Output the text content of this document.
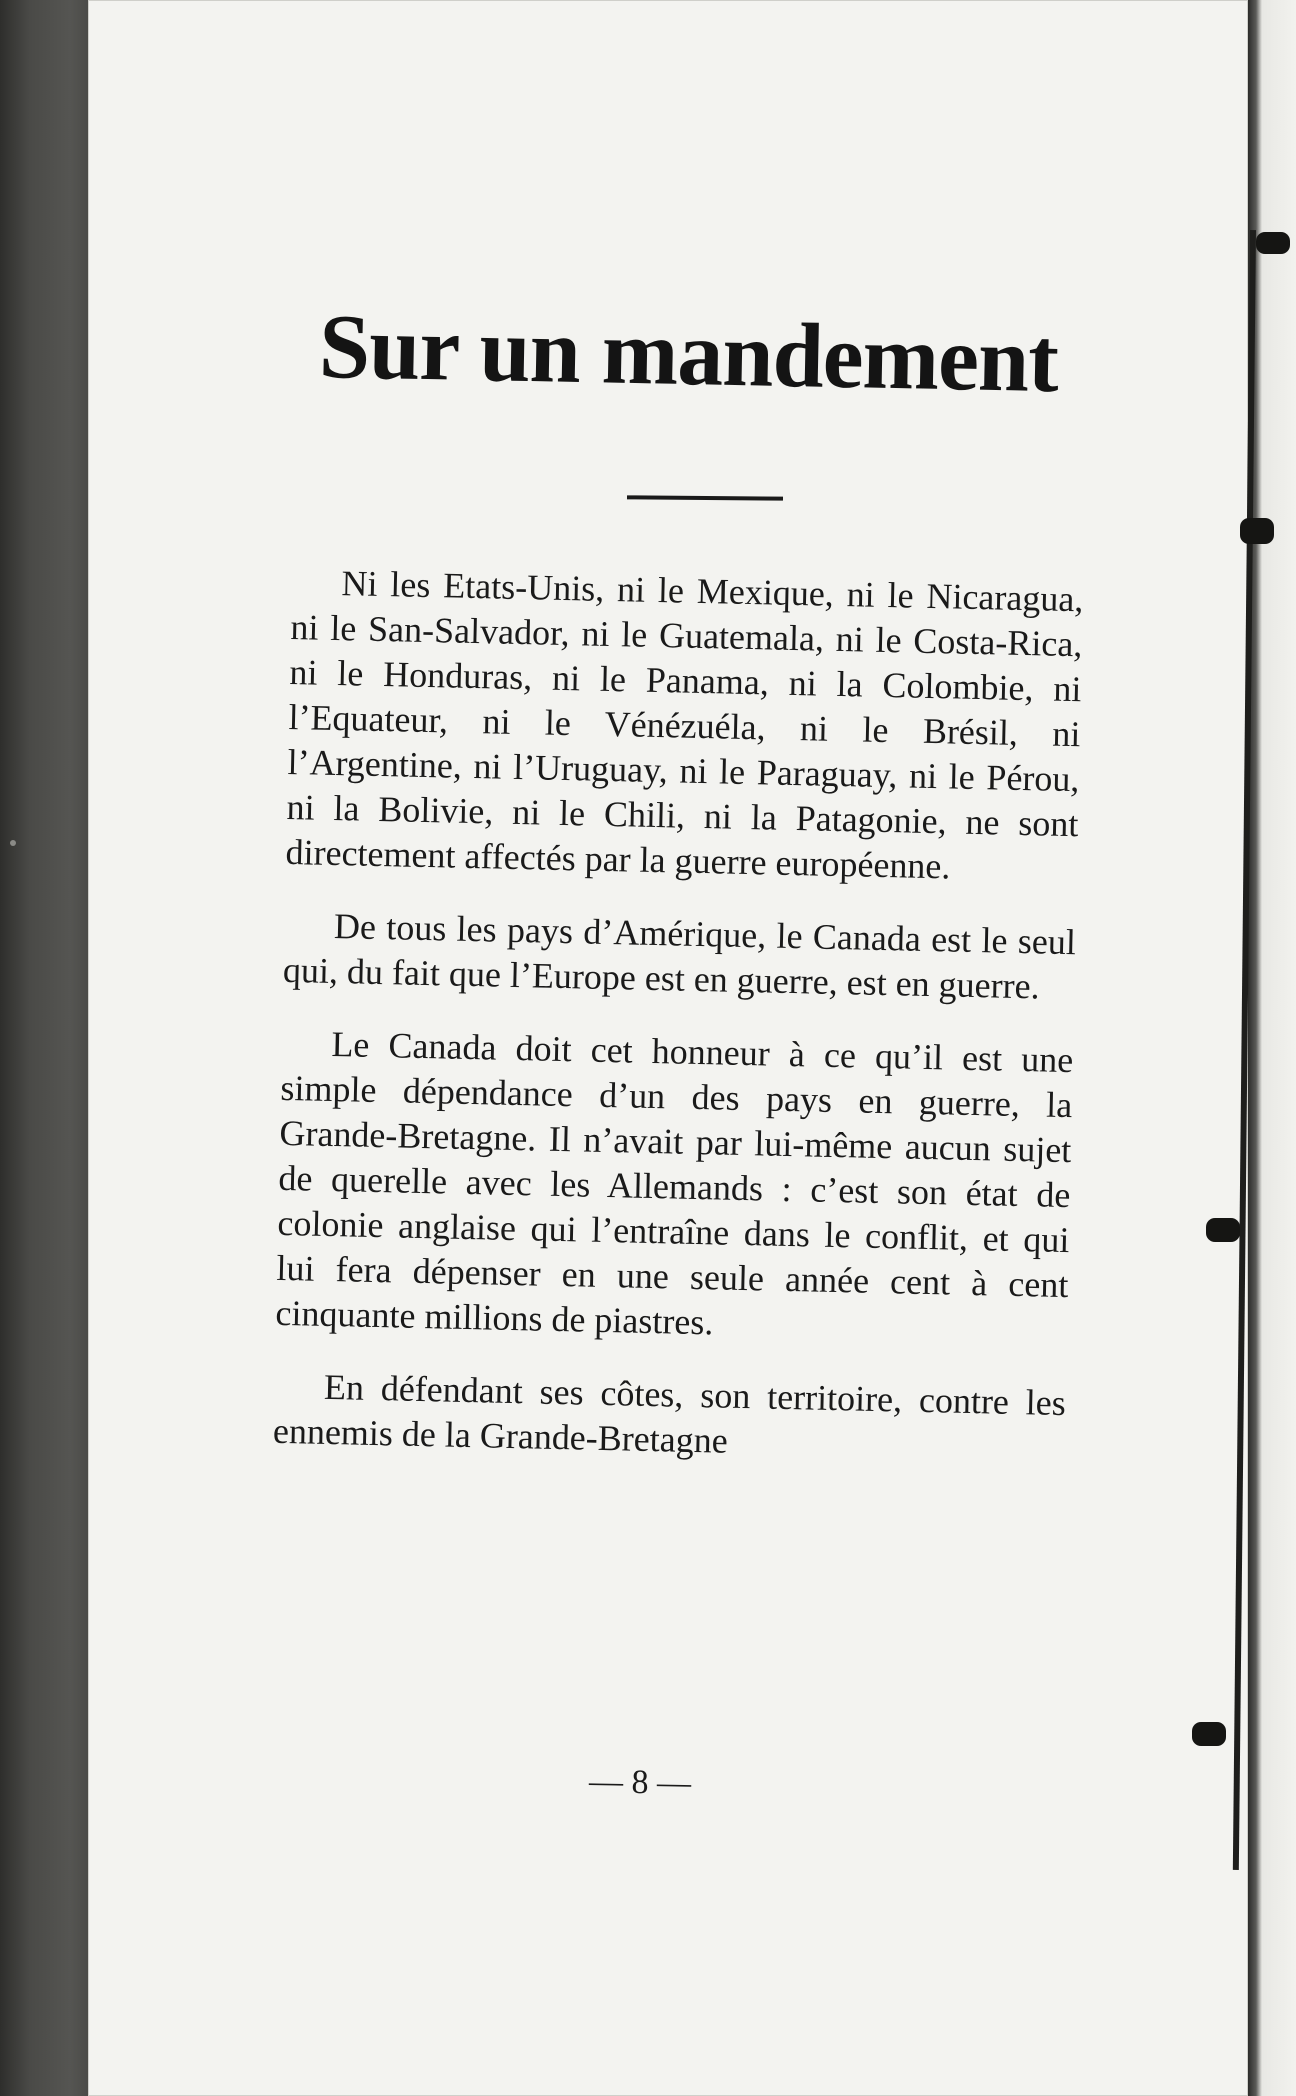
Sur un mandement

Ni les Etats-Unis, ni le Mexique, ni le Nicaragua, ni le San-Salvador, ni le Guatemala, ni le Costa-Rica, ni le Honduras, ni le Panama, ni la Colombie, ni l’Equateur, ni le Vénézuéla, ni le Brésil, ni l’Argentine, ni l’Uruguay, ni le Paraguay, ni le Pérou, ni la Bolivie, ni le Chili, ni la Patagonie, ne sont directement affectés par la guerre européenne.

De tous les pays d’Amérique, le Canada est le seul qui, du fait que l’Europe est en guerre, est en guerre.

Le Canada doit cet honneur à ce qu’il est une simple dépendance d’un des pays en guerre, la Grande-Bretagne. Il n’avait par lui-même aucun sujet de querelle avec les Allemands : c’est son état de colonie anglaise qui l’entraîne dans le conflit, et qui lui fera dépenser en une seule année cent à cent cinquante millions de piastres.

En défendant ses côtes, son territoire, contre les ennemis de la Grande-Bretagne

— 8 —
